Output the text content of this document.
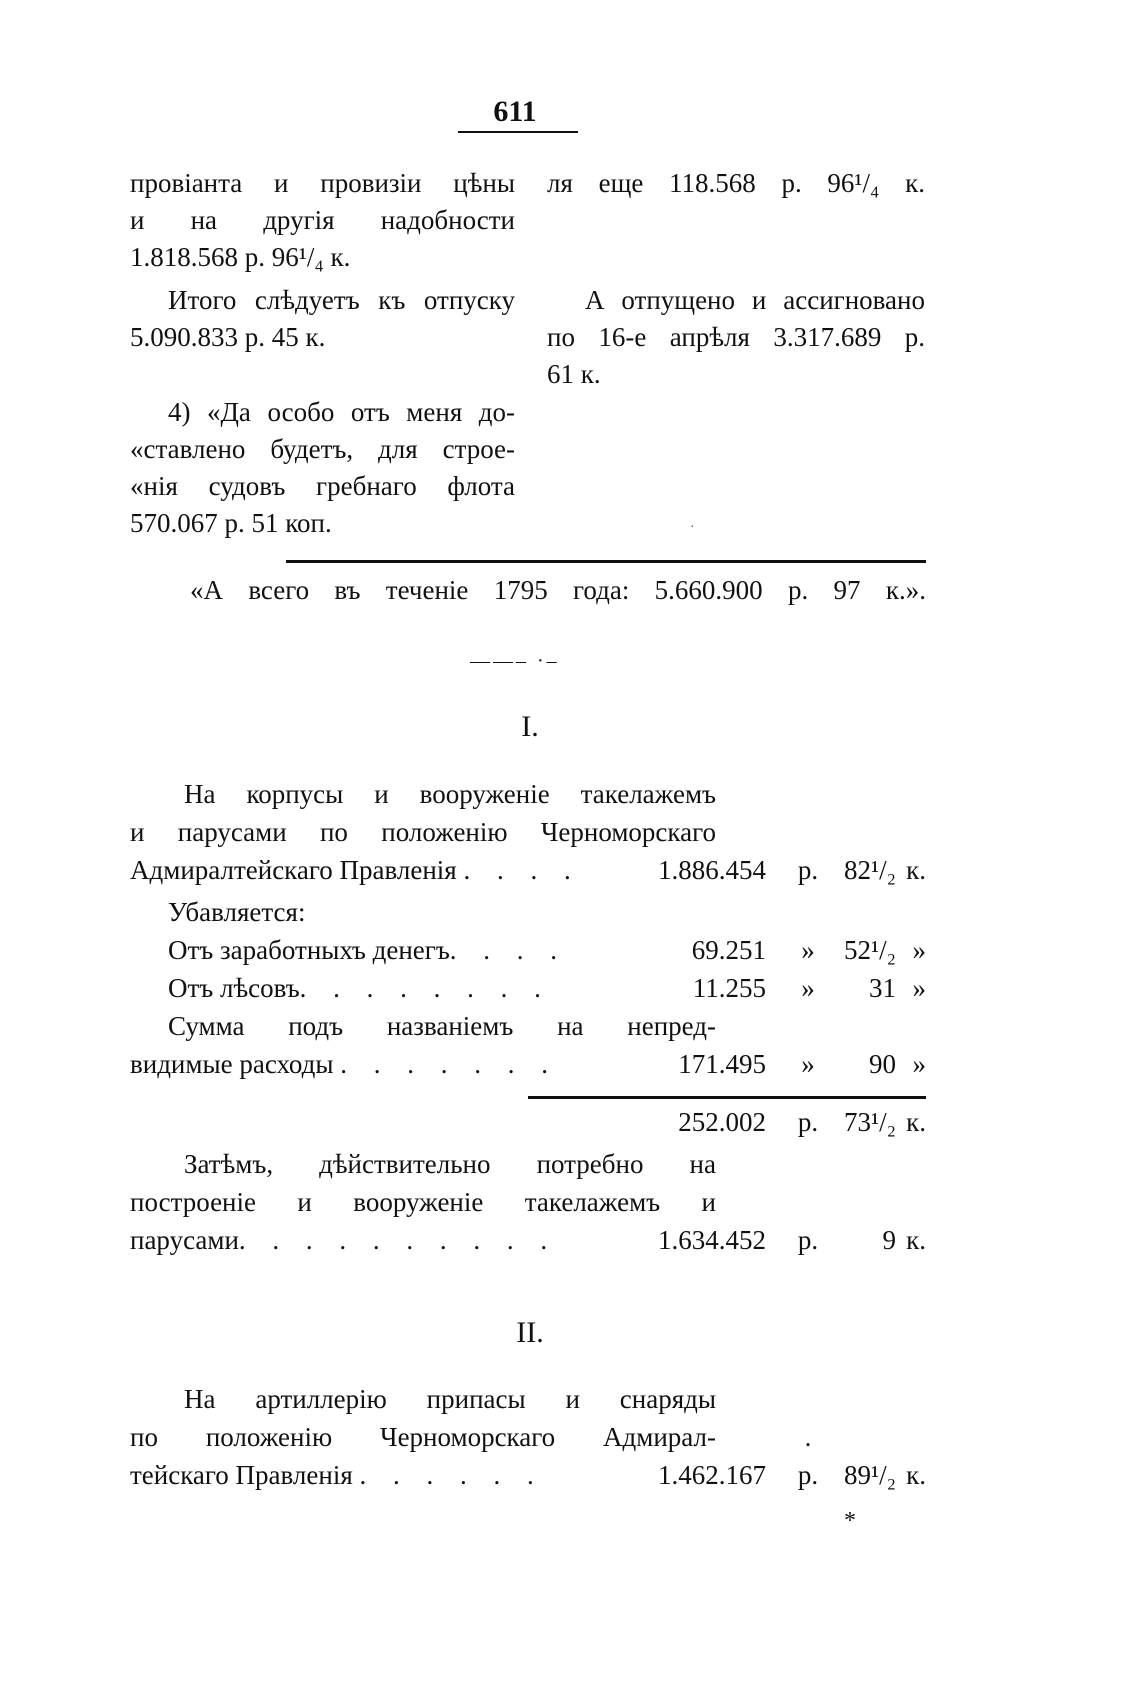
611

провіанта и провизіи цѣны

и на другія надобности

1.818.568 р. 96¹/₄ к.

Итого слѣдуетъ къ отпуску

5.090.833 р. 45 к.

4) «Да особо отъ меня до-

«ставлено будетъ, для строе-

«нія судовъ гребнаго флота

570.067 р. 51 коп.

ля еще 118.568 р. 96¹/₄ к.

А отпущено и ассигновано

по 16-е апрѣля 3.317.689 р.

61 к.

·
«А всего въ теченіе 1795 года: 5.660.900 р. 97 к.».
——– ·–
I.
На корпусы и вооруженіе такелажемъ
и парусами по положенію Черноморскаго
Адмиралтейскаго Правленія . . . .	1.886.454 р. 82¹/₂ к.
Убавляется:
Отъ заработныхъ денегъ. . . .	69.251	»	52¹/₂ »
Отъ лѣсовъ. . . . . . . .	11.255	»	31 »
Сумма подъ названіемъ на непред-
видимые расходы . . . . . . .	171.495	»	90 »
252.002 р. 73¹/₂ к.
Затѣмъ, дѣйствительно потребно на
построеніе и вооруженіе такелажемъ и
парусами. . . . . . . . . .	1.634.452 р.	9 к.
II.
На артиллерію припасы и снаряды
по положенію Черноморскаго Адмирал-	.
тейскаго Правленія . . . . . .	1.462.167 р. 89¹/₂ к.
*
